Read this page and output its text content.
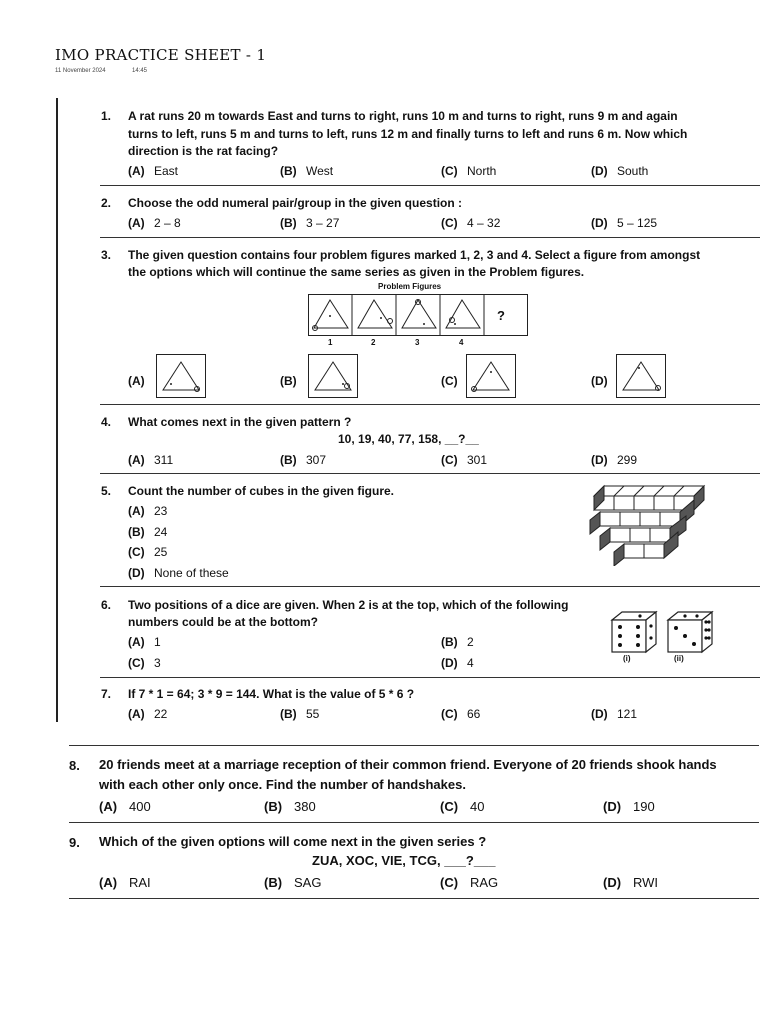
IMO PRACTICE SHEET - 1
11 November 2024	14:45
1. A rat runs 20 m towards East and turns to right, runs 10 m and turns to right, runs 9 m and again
turns to left, runs 5 m and turns to left, runs 12 m and finally turns to left and runs 6 m. Now which
direction is the rat facing?
(A) East	(B) West	(C) North	(D) South
2. Choose the odd numeral pair/group in the given question :
(A) 2 – 8	(B) 3 – 27	(C) 4 – 32	(D) 5 – 125
3. The given question contains four problem figures marked 1, 2, 3 and 4. Select a figure from amongst
the options which will continue the same series as given in the Problem figures.
Problem Figures
?
1	2	3	4
(A)	(B)	(C)	(D)
4. What comes next in the given pattern ?
10, 19, 40, 77, 158, __?__
(A) 311	(B) 307	(C) 301	(D) 299
5. Count the number of cubes in the given figure.
(A) 23
(B) 24
(C) 25
(D) None of these
6. Two positions of a dice are given. When 2 is at the top, which of the following
numbers could be at the bottom?
(A) 1	(B) 2
(C) 3	(D) 4	(i)	(ii)
7. If 7 * 1 = 64; 3 * 9 = 144. What is the value of 5 * 6 ?
(A) 22	(B) 55	(C) 66	(D) 121
8. 20 friends meet at a marriage reception of their common friend. Everyone of 20 friends shook hands
with each other only once. Find the number of handshakes.
(A) 400	(B) 380	(C) 40	(D) 190
9. Which of the given options will come next in the given series ?
ZUA, XOC, VIE, TCG, ___?___
(A) RAI	(B) SAG	(C) RAG	(D) RWI
